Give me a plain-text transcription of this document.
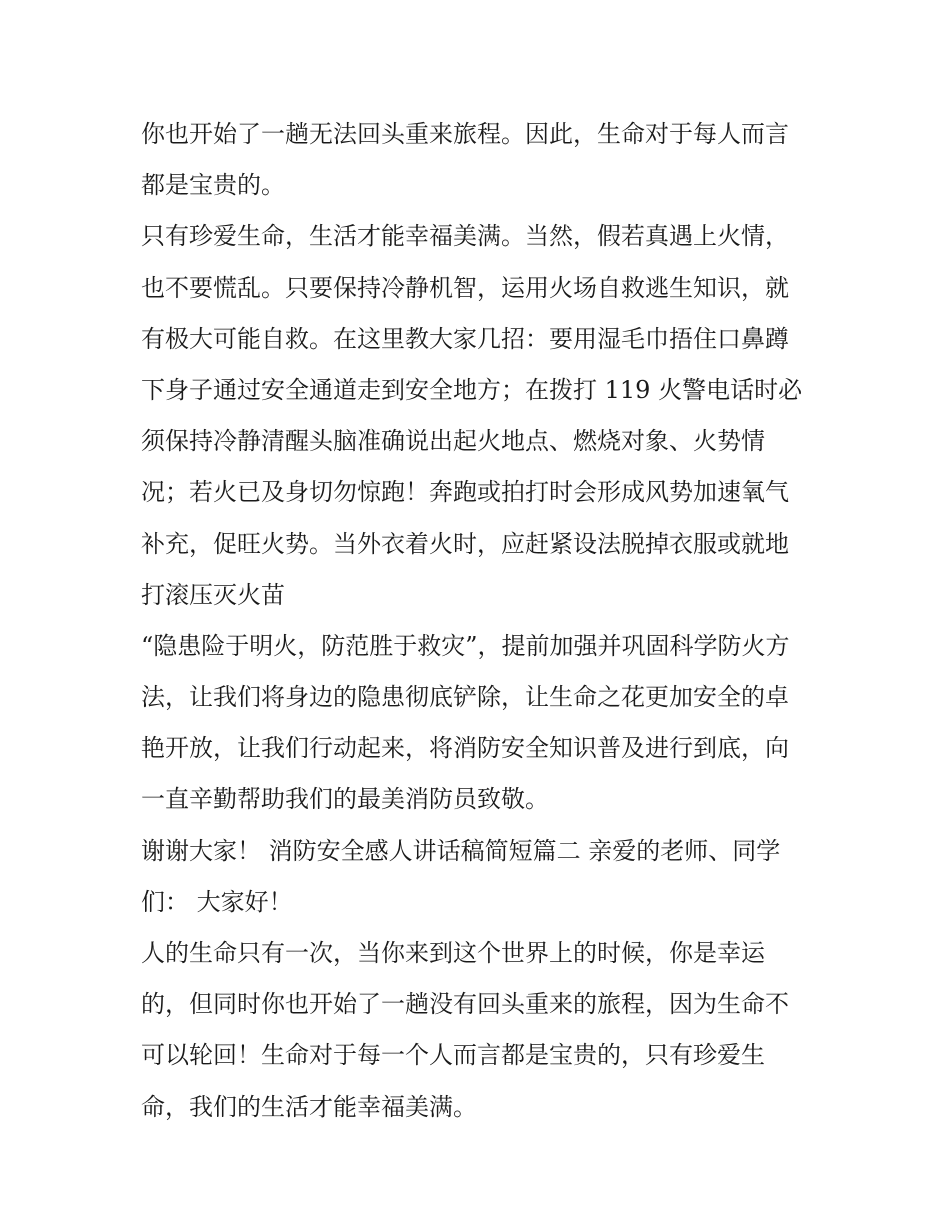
你也开始了一趟无法回头重来旅程。因此，生命对于每人而言
都是宝贵的。
只有珍爱生命，生活才能幸福美满。当然，假若真遇上火情，
也不要慌乱。只要保持冷静机智，运用火场自救逃生知识，就
有极大可能自救。在这里教大家几招：要用湿毛巾捂住口鼻蹲
下身子通过安全通道走到安全地方；在拨打 119 火警电话时必
须保持冷静清醒头脑准确说出起火地点、燃烧对象、火势情
况；若火已及身切勿惊跑！奔跑或拍打时会形成风势加速氧气
补充，促旺火势。当外衣着火时，应赶紧设法脱掉衣服或就地
打滚压灭火苗
“隐患险于明火，防范胜于救灾”，提前加强并巩固科学防火方
法，让我们将身边的隐患彻底铲除，让生命之花更加安全的卓
艳开放，让我们行动起来，将消防安全知识普及进行到底，向
一直辛勤帮助我们的最美消防员致敬。
谢谢大家！ 消防安全感人讲话稿简短篇二 亲爱的老师、同学
们： 大家好！
人的生命只有一次，当你来到这个世界上的时候，你是幸运
的，但同时你也开始了一趟没有回头重来的旅程，因为生命不
可以轮回！生命对于每一个人而言都是宝贵的，只有珍爱生
命，我们的生活才能幸福美满。
